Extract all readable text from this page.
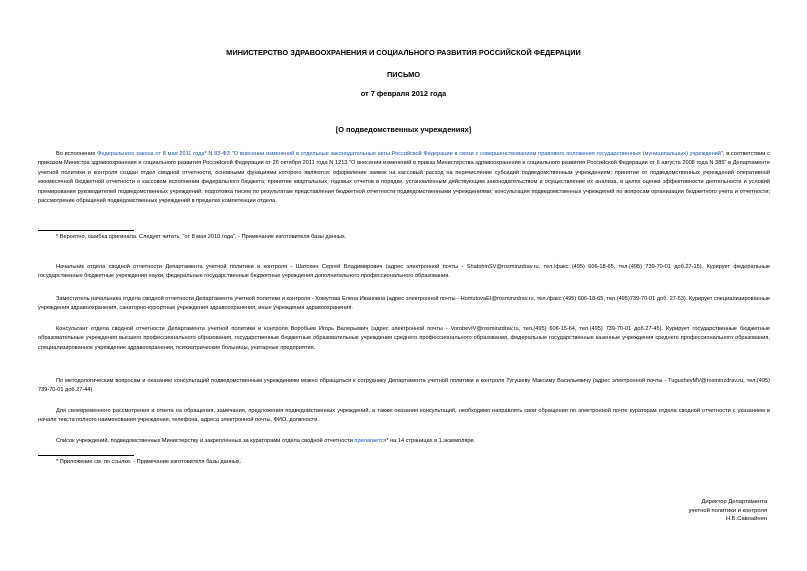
МИНИСТЕРСТВО ЗДРАВООХРАНЕНИЯ И СОЦИАЛЬНОГО РАЗВИТИЯ РОССИЙСКОЙ ФЕДЕРАЦИИ
ПИСЬМО
от 7 февраля 2012 года
[О подведомственных учреждениях]

Во исполнение Федерального закона от 8 мая 2011 года* N 83-ФЗ "О внесении изменений в отдельные законодательные акты Российской Федерации в связи с совершенствованием правового положения государственных (муниципальных) учреждений", в соответствии с приказом Министра здравоохранения и социального развития Российской Федерации от 26 октября 2011 года N 1213 "О внесении изменений в приказ Министерства здравоохранения и социального развития Российской Федерации от 6 августа 2008 года N 385" в Департаменте учетной политики и контроля создан отдел сводной отчетности, основными функциями которого являются: оформление заявок на кассовый расход на перечисление субсидий подведомственным учреждениям; принятие от подведомственных учреждений оперативной ежемесячной бюджетной отчетности о кассовом исполнении федерального бюджета; принятие квартальных, годовых отчетов в порядке, установленным действующим законодательством и осуществление их анализа, в целях оценки эффективности деятельности и условий премирования руководителей подведомственных учреждений; подготовка писем по результатам представления бюджетной отчетности подведомственными учреждениями; консультация подведомственных учреждений по вопросам организации бюджетного учета и отчетности; рассмотрение обращений подведомственных учреждений в пределах компетенции отдела.

* Вероятно, ошибка оригинала. Следует читать: "от 8 мая 2010 года". - Примечание изготовителя базы данных.

Начальник отдела сводной отчетности Департамента учетной политики и контроля - Шатохин Сергей Владимирович (адрес электронной почты - ShatohinSV@rosminzdrav.ru, тел./факс (495) 606-18-65, тел.(495) 739-70-01 доб.27-15). Курирует федеральные государственные бюджетные учреждения науки, федеральные государственные бюджетные учреждения дополнительного профессионального образования.

Заместитель начальника отдела сводной отчетности Департамента учетной политики и контроля - Хомутова Елена Ивановна (адрес электронной почты - HomutovaEI@rosminzdrav.ru, тел./факс (495) 606-18-65, тел.(495)739-70-01 доб. 27-53). Курирует специализированные учреждения здравоохранения, санаторно-курортные учреждения здравоохранения, иные учреждения здравоохранения.

Консультант отдела сводной отчетности Департамента учетной политики и контроля Воробьев Игорь Валерьевич (адрес электронной почты - VorobevIV@rosminzdrav.ru, тел.(495) 606-15-64, тел.(495) 739-70-01 доб.27-45). Курирует государственные бюджетные образовательные учреждения высшего профессионального образования, государственные бюджетные образовательные учреждения среднего профессионального образования, федеральные государственные казенные учреждения среднего профессионального образования, специализированное учреждение здравоохранения, психиатрические больницы, унитарные предприятия.

По методологическим вопросам и оказанию консультаций подведомственным учреждениям можно обращаться к сотруднику Департамента учетной политики и контроля Тугушеву Максиму Васильевичу (адрес электронной почты - TugushevMV@rosminzdrav.ru, тел.(495) 739-70-01 доб.27-44).

Для своевременного рассмотрения и ответа на обращения, замечания, предложения подведомственных учреждений, а также оказания консультаций, необходимо направлять свои обращения по электронной почте кураторам отдела сводной отчетности с указанием в начале текста полного наименования учреждения, телефона, адреса электронной почты, ФИО, должности.

Список учреждений, подведомственных Министерству и закрепленных за кураторами отдела сводной отчетности прилагается* на 14 страницах в 1 экземпляре.

* Приложение см. по ссылке. - Примечание изготовителя базы данных.

Директор Департамента
учетной политики и контроля
Н.Б.Савоайнен
